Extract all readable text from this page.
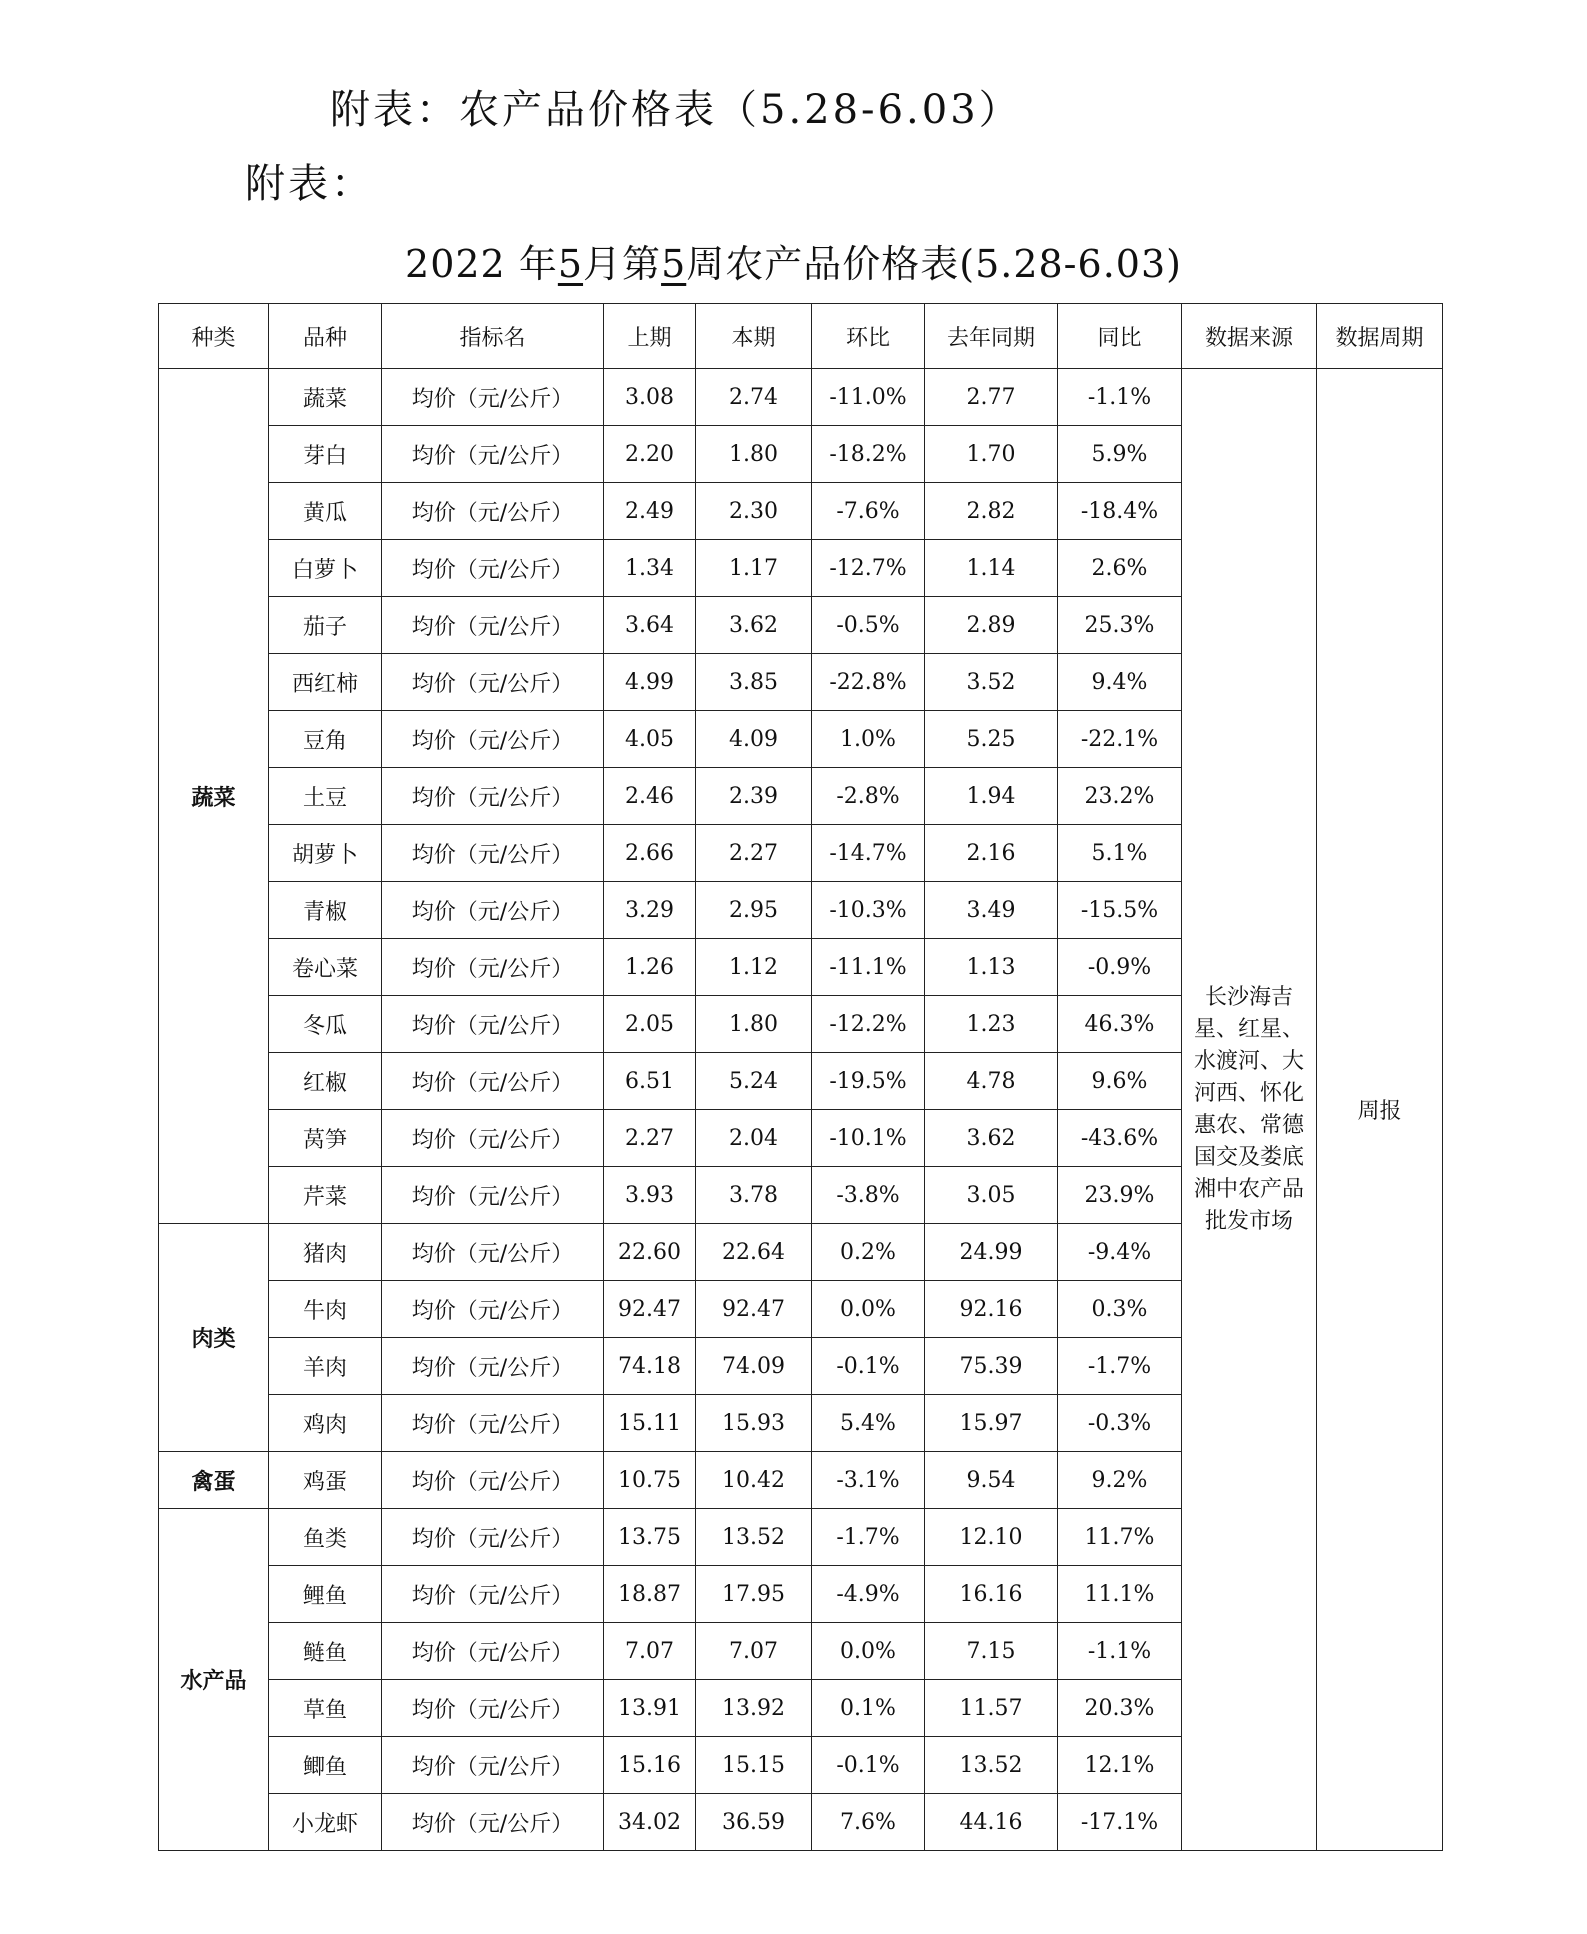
附表：农产品价格表（5.28-6.03）
附表：
2022 年5月第5周农产品价格表(5.28-6.03)
种类	品种	指标名	上期	本期	环比	去年同期	同比	数据来源	数据周期
蔬菜	蔬菜	均价（元/公斤）	3.08	2.74	-11.0%	2.77	-1.1%	长沙海吉星、红星、水渡河、大河西、怀化惠农、常德国交及娄底湘中农产品批发市场	周报
	芽白	均价（元/公斤）	2.20	1.80	-18.2%	1.70	5.9%		
	黄瓜	均价（元/公斤）	2.49	2.30	-7.6%	2.82	-18.4%		
	白萝卜	均价（元/公斤）	1.34	1.17	-12.7%	1.14	2.6%		
	茄子	均价（元/公斤）	3.64	3.62	-0.5%	2.89	25.3%		
	西红柿	均价（元/公斤）	4.99	3.85	-22.8%	3.52	9.4%		
	豆角	均价（元/公斤）	4.05	4.09	1.0%	5.25	-22.1%		
	土豆	均价（元/公斤）	2.46	2.39	-2.8%	1.94	23.2%		
	胡萝卜	均价（元/公斤）	2.66	2.27	-14.7%	2.16	5.1%		
	青椒	均价（元/公斤）	3.29	2.95	-10.3%	3.49	-15.5%		
	卷心菜	均价（元/公斤）	1.26	1.12	-11.1%	1.13	-0.9%		
	冬瓜	均价（元/公斤）	2.05	1.80	-12.2%	1.23	46.3%		
	红椒	均价（元/公斤）	6.51	5.24	-19.5%	4.78	9.6%		
	莴笋	均价（元/公斤）	2.27	2.04	-10.1%	3.62	-43.6%		
	芹菜	均价（元/公斤）	3.93	3.78	-3.8%	3.05	23.9%		
肉类	猪肉	均价（元/公斤）	22.60	22.64	0.2%	24.99	-9.4%		
	牛肉	均价（元/公斤）	92.47	92.47	0.0%	92.16	0.3%		
	羊肉	均价（元/公斤）	74.18	74.09	-0.1%	75.39	-1.7%		
	鸡肉	均价（元/公斤）	15.11	15.93	5.4%	15.97	-0.3%		
禽蛋	鸡蛋	均价（元/公斤）	10.75	10.42	-3.1%	9.54	9.2%		
水产品	鱼类	均价（元/公斤）	13.75	13.52	-1.7%	12.10	11.7%		
	鲤鱼	均价（元/公斤）	18.87	17.95	-4.9%	16.16	11.1%		
	鲢鱼	均价（元/公斤）	7.07	7.07	0.0%	7.15	-1.1%		
	草鱼	均价（元/公斤）	13.91	13.92	0.1%	11.57	20.3%		
	鲫鱼	均价（元/公斤）	15.16	15.15	-0.1%	13.52	12.1%		
	小龙虾	均价（元/公斤）	34.02	36.59	7.6%	44.16	-17.1%		
